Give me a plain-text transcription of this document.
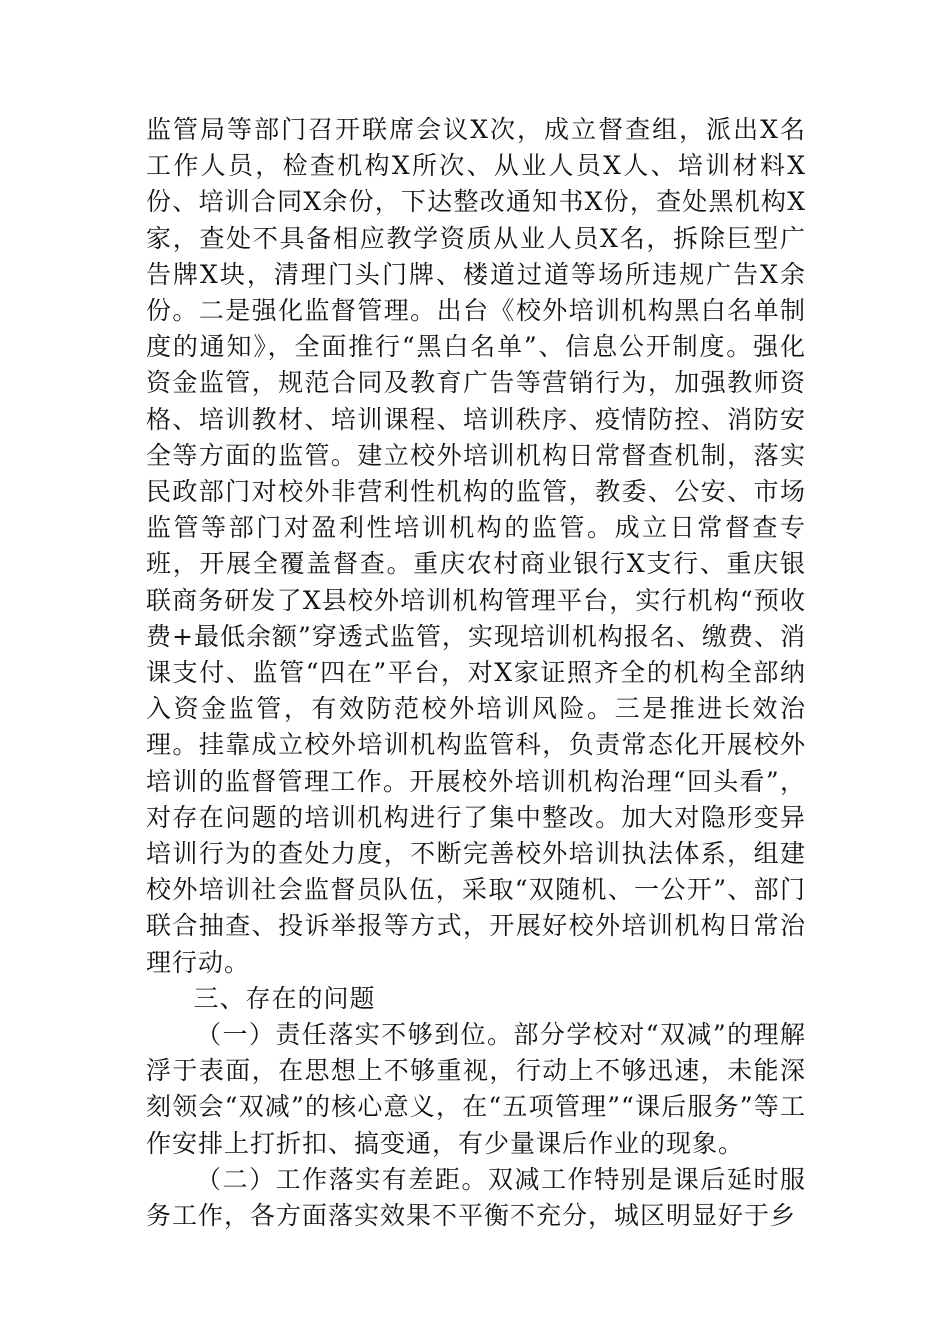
监管局等部门召开联席会议X次，成立督查组，派出X名工作人员，检查机构X所次、从业人员X人、培训材料X份、培训合同X余份，下达整改通知书X份，查处黑机构X家，查处不具备相应教学资质从业人员X名，拆除巨型广告牌X块，清理门头门牌、楼道过道等场所违规广告X余份。二是强化监督管理。出台《校外培训机构黑白名单制度的通知》，全面推行“黑白名单”、信息公开制度。强化资金监管，规范合同及教育广告等营销行为，加强教师资格、培训教材、培训课程、培训秩序、疫情防控、消防安全等方面的监管。建立校外培训机构日常督查机制，落实民政部门对校外非营利性机构的监管，教委、公安、市场监管等部门对盈利性培训机构的监管。成立日常督查专班，开展全覆盖督查。重庆农村商业银行X支行、重庆银联商务研发了X县校外培训机构管理平台，实行机构“预收费+最低余额”穿透式监管，实现培训机构报名、缴费、消课支付、监管“四在”平台，对X家证照齐全的机构全部纳入资金监管，有效防范校外培训风险。三是推进长效治理。挂靠成立校外培训机构监管科，负责常态化开展校外培训的监督管理工作。开展校外培训机构治理“回头看”，对存在问题的培训机构进行了集中整改。加大对隐形变异培训行为的查处力度，不断完善校外培训执法体系，组建校外培训社会监督员队伍，采取“双随机、一公开”、部门联合抽查、投诉举报等方式，开展好校外培训机构日常治理行动。

三、存在的问题

（一）责任落实不够到位。部分学校对“双减”的理解浮于表面，在思想上不够重视，行动上不够迅速，未能深刻领会“双减”的核心意义，在“五项管理”“课后服务”等工作安排上打折扣、搞变通，有少量课后作业的现象。

（二）工作落实有差距。双减工作特别是课后延时服务工作，各方面落实效果不平衡不充分，城区明显好于乡
